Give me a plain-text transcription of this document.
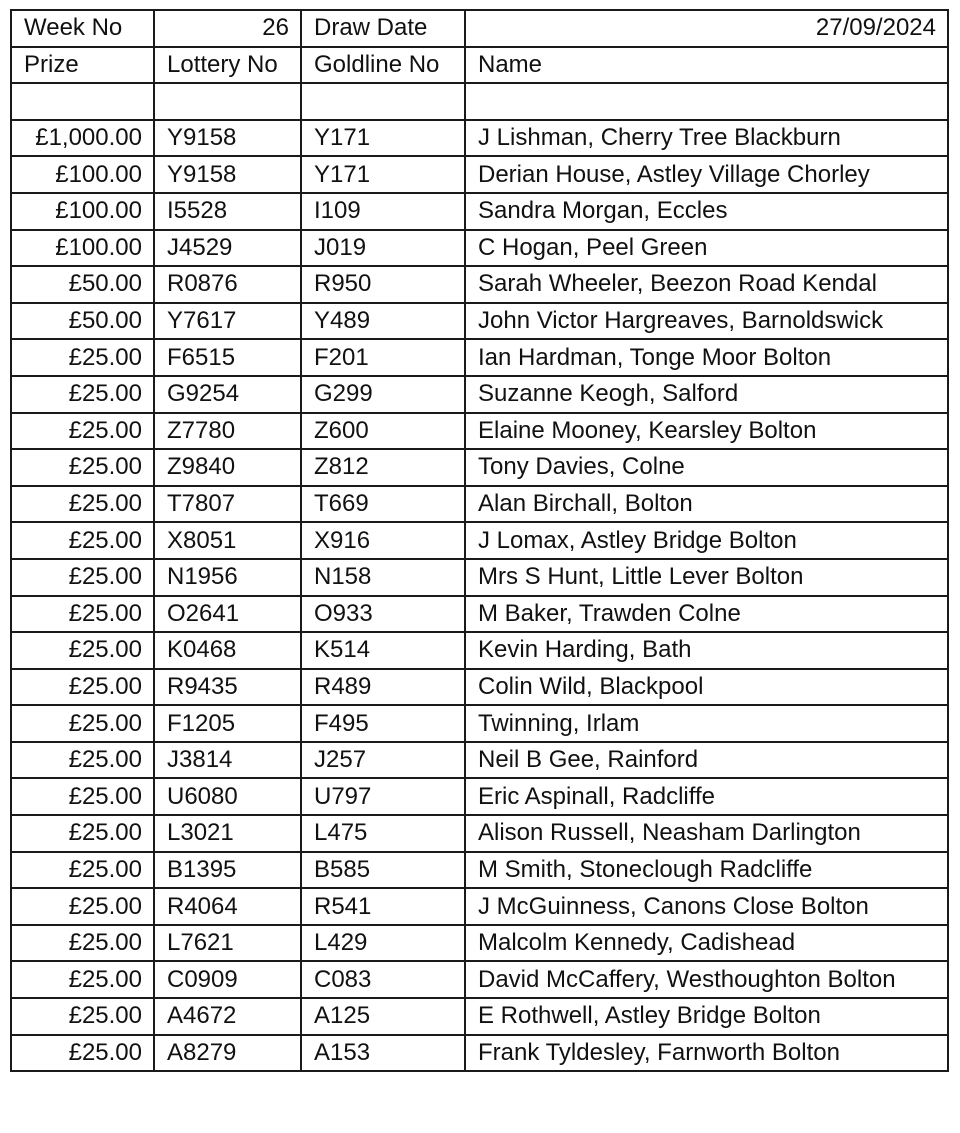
Week No	26	Draw Date	27/09/2024
Prize	Lottery No	Goldline No	Name

£1,000.00	Y9158	Y171	J Lishman, Cherry Tree Blackburn
£100.00	Y9158	Y171	Derian House, Astley Village Chorley
£100.00	I5528	I109	Sandra Morgan, Eccles
£100.00	J4529	J019	C Hogan, Peel Green
£50.00	R0876	R950	Sarah Wheeler, Beezon Road Kendal
£50.00	Y7617	Y489	John Victor Hargreaves, Barnoldswick
£25.00	F6515	F201	Ian Hardman, Tonge Moor Bolton
£25.00	G9254	G299	Suzanne Keogh, Salford
£25.00	Z7780	Z600	Elaine Mooney, Kearsley Bolton
£25.00	Z9840	Z812	Tony Davies, Colne
£25.00	T7807	T669	Alan Birchall, Bolton
£25.00	X8051	X916	J Lomax, Astley Bridge Bolton
£25.00	N1956	N158	Mrs S Hunt, Little Lever Bolton
£25.00	O2641	O933	M Baker, Trawden Colne
£25.00	K0468	K514	Kevin Harding, Bath
£25.00	R9435	R489	Colin Wild, Blackpool
£25.00	F1205	F495	Twinning, Irlam
£25.00	J3814	J257	Neil B Gee, Rainford
£25.00	U6080	U797	Eric Aspinall, Radcliffe
£25.00	L3021	L475	Alison Russell, Neasham Darlington
£25.00	B1395	B585	M Smith, Stoneclough Radcliffe
£25.00	R4064	R541	J McGuinness, Canons Close Bolton
£25.00	L7621	L429	Malcolm Kennedy, Cadishead
£25.00	C0909	C083	David McCaffery, Westhoughton Bolton
£25.00	A4672	A125	E Rothwell, Astley Bridge Bolton
£25.00	A8279	A153	Frank Tyldesley, Farnworth Bolton
